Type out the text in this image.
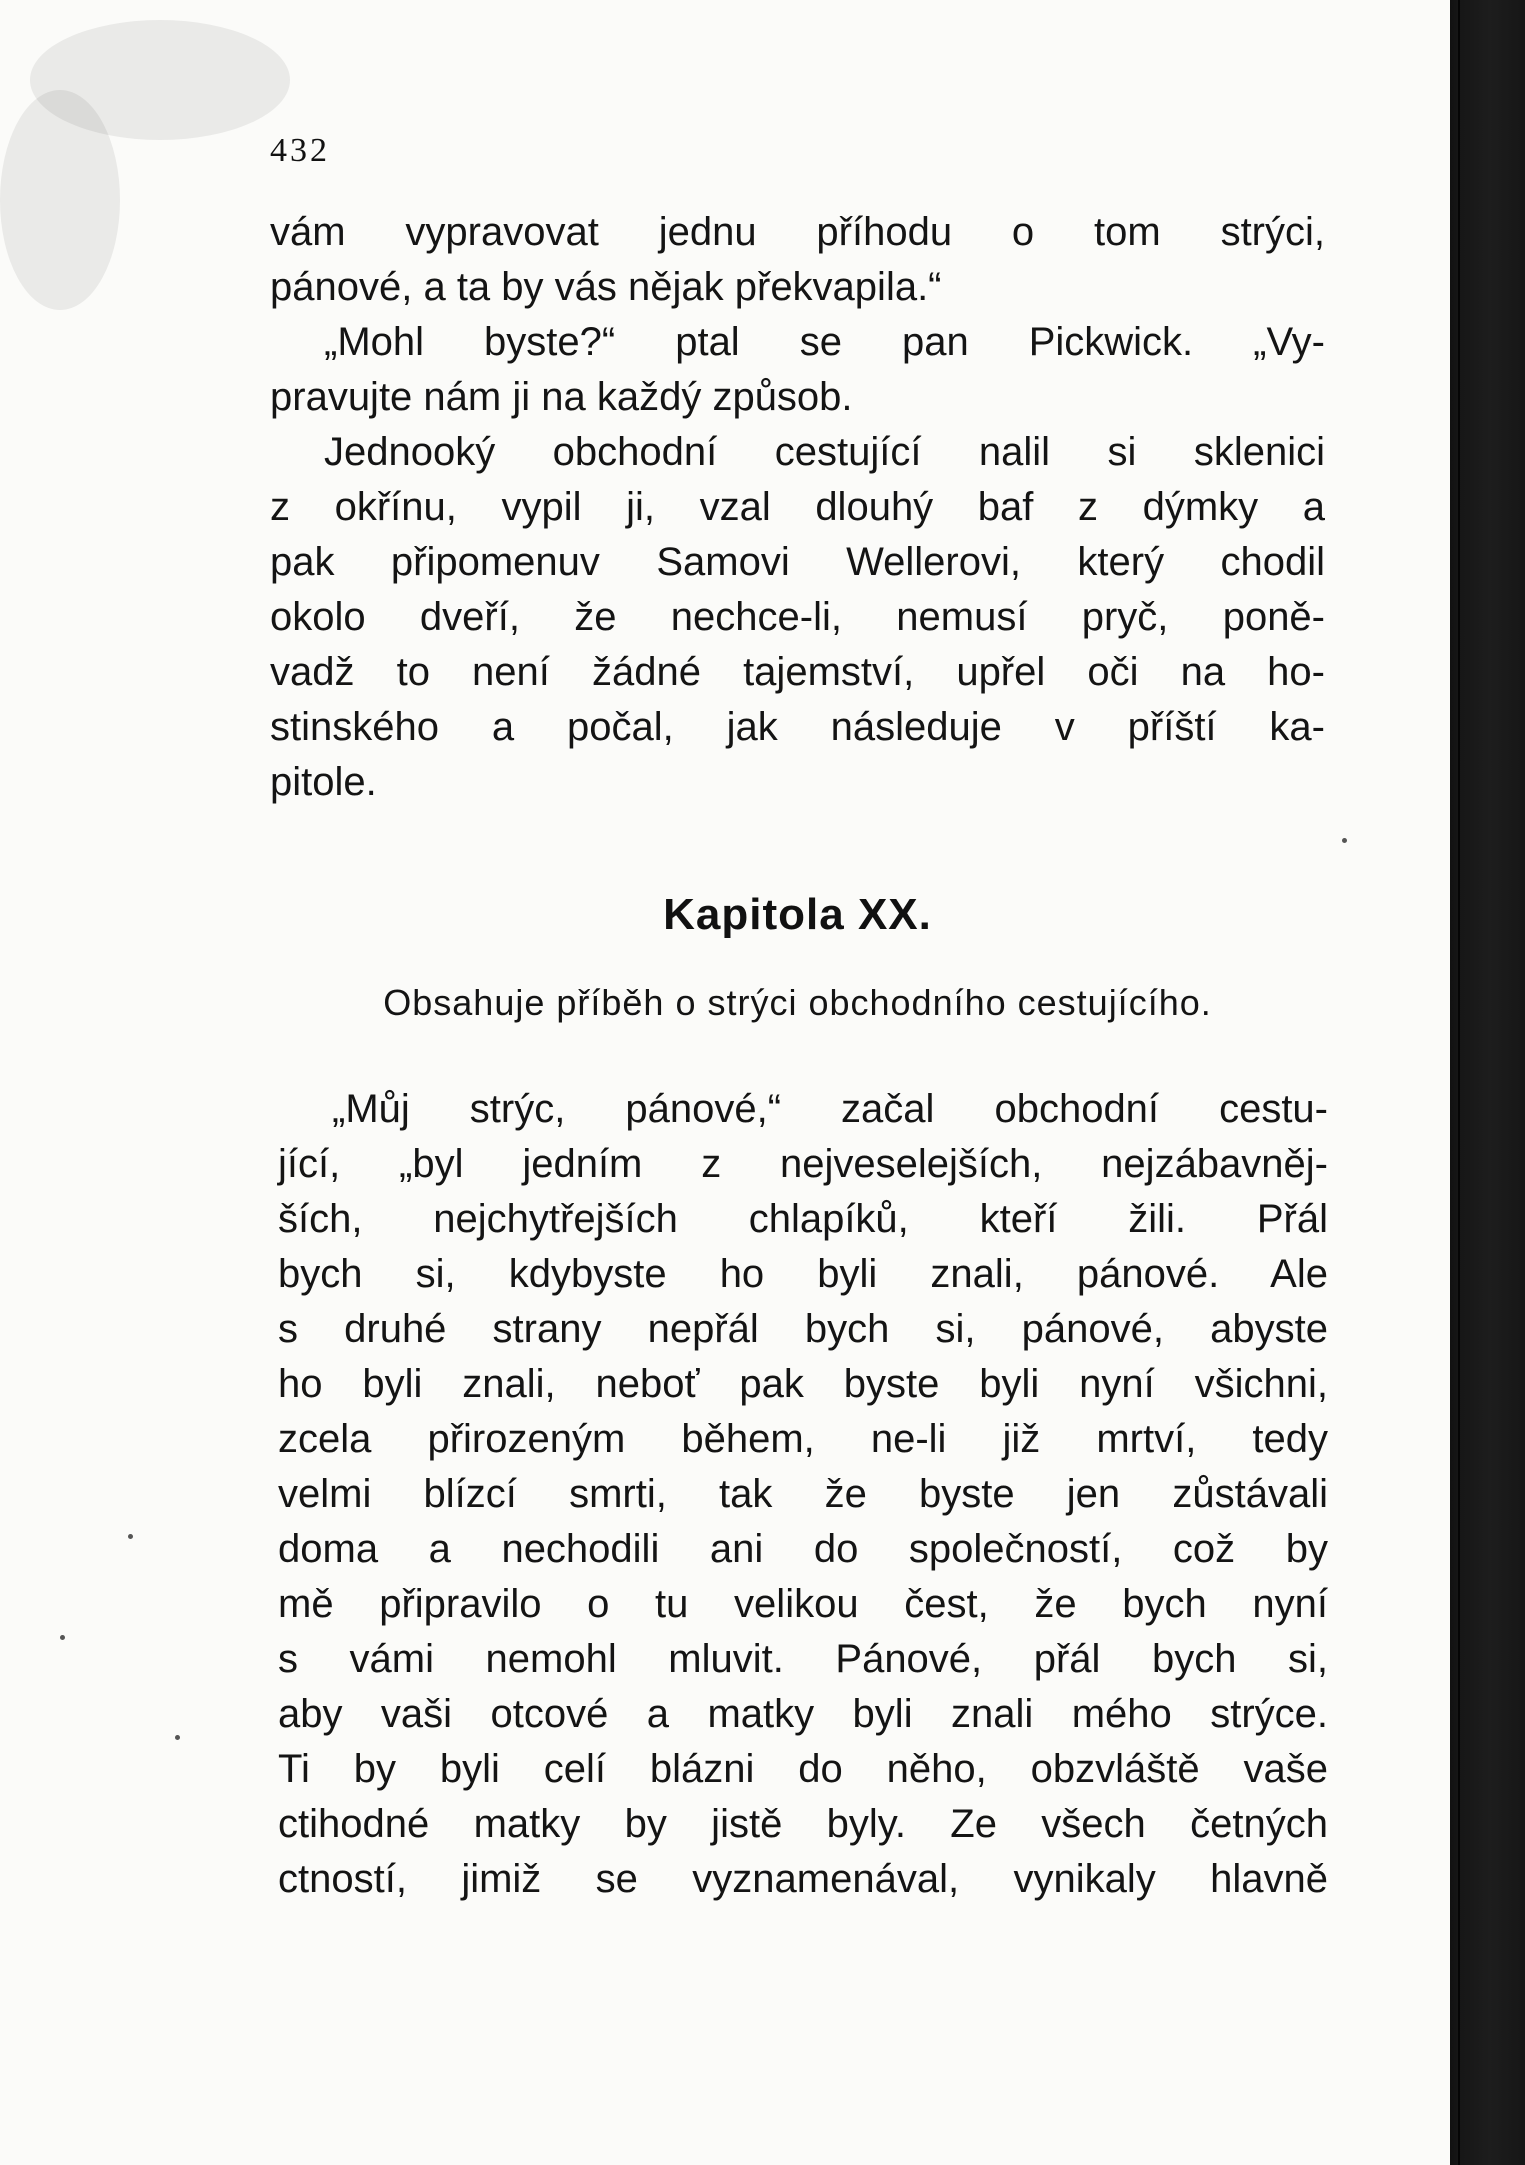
432
vám vypravovat jednu příhodu o tom strýci,
pánové, a ta by vás nějak překvapila.“
„Mohl byste?“ ptal se pan Pickwick. „Vy-
pravujte nám ji na každý způsob.
Jednooký obchodní cestující nalil si sklenici
z okřínu, vypil ji, vzal dlouhý baf z dýmky a
pak připomenuv Samovi Wellerovi, který chodil
okolo dveří, že nechce-li, nemusí pryč, poně-
vadž to není žádné tajemství, upřel oči na ho-
stinského a počal, jak následuje v příští ka-
pitole.
Kapitola XX.
Obsahuje příběh o strýci obchodního cestujícího.
„Můj strýc, pánové,“ začal obchodní cestu-
jící, „byl jedním z nejveselejších, nejzábavněj-
ších, nejchytřejších chlapíků, kteří žili. Přál
bych si, kdybyste ho byli znali, pánové. Ale
s druhé strany nepřál bych si, pánové, abyste
ho byli znali, neboť pak byste byli nyní všichni,
zcela přirozeným během, ne-li již mrtví, tedy
velmi blízcí smrti, tak že byste jen zůstávali
doma a nechodili ani do společností, což by
mě připravilo o tu velikou čest, že bych nyní
s vámi nemohl mluvit. Pánové, přál bych si,
aby vaši otcové a matky byli znali mého strýce.
Ti by byli celí blázni do něho, obzvláště vaše
ctihodné matky by jistě byly. Ze všech četných
ctností, jimiž se vyznamenával, vynikaly hlavně
